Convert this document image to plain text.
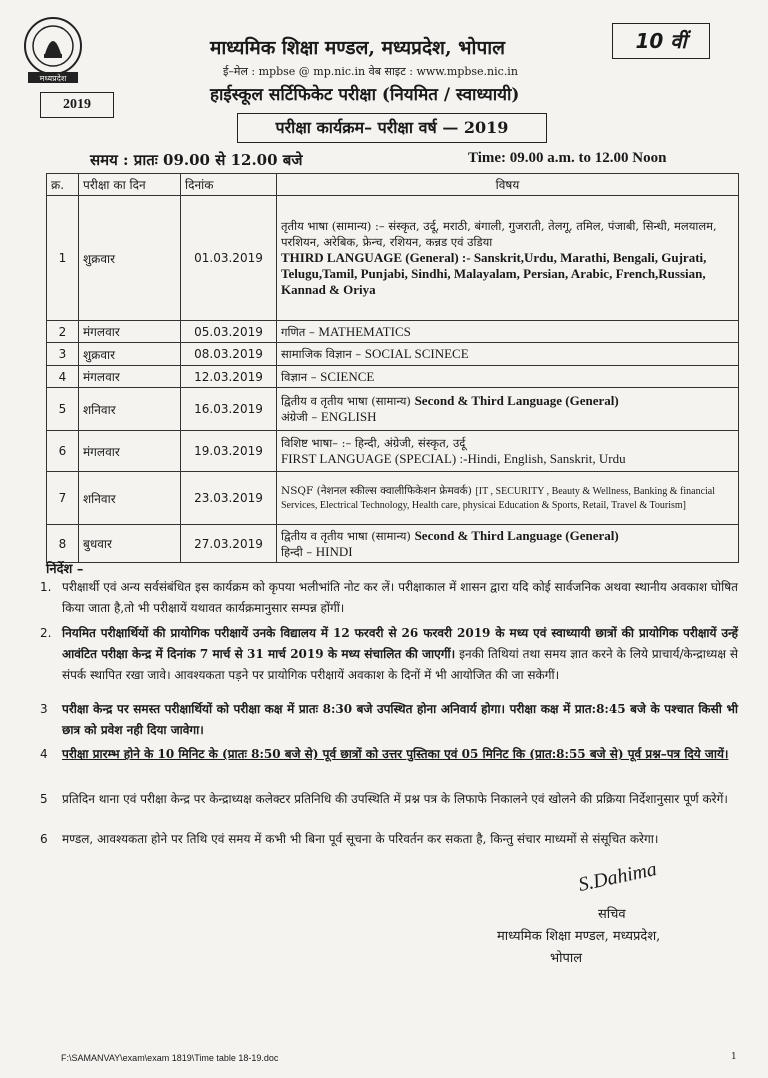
मध्यप्रदेश
2019
माध्यमिक शिक्षा मण्डल, मध्यप्रदेश, भोपाल
ई–मेल : mpbse @ mp.nic.in वेब साइट : www.mpbse.nic.in
हाईस्कूल सर्टिफिकेट परीक्षा (नियमित / स्वाध्यायी)
10 वीं
परीक्षा कार्यक्रम– परीक्षा वर्ष — 2019
समय : प्रातः 09.00 से 12.00 बजे	Time: 09.00 a.m. to 12.00 Noon
क्र.	परीक्षा का दिन	दिनांक	विषय
1	शुक्रवार	01.03.2019	तृतीय भाषा (सामान्य) :– संस्कृत, उर्दू, मराठी, बंगाली, गुजराती, तेलगू, तमिल, पंजाबी, सिन्धी, मलयालम, परशियन, अरेबिक, फ्रेन्च, रशियन, कन्नड एवं उडिया
THIRD LANGUAGE (General) :- Sanskrit,Urdu, Marathi, Bengali, Gujrati, Telugu,Tamil, Punjabi, Sindhi, Malayalam, Persian, Arabic, French,Russian, Kannad & Oriya

2	मंगलवार	05.03.2019	गणित – MATHEMATICS
3	शुक्रवार	08.03.2019	सामाजिक विज्ञान – SOCIAL SCINECE
4	मंगलवार	12.03.2019	विज्ञान – SCIENCE
5	शनिवार	16.03.2019	द्वितीय व तृतीय भाषा (सामान्य) Second & Third Language (General)
अंग्रेजी – ENGLISH

6	मंगलवार	19.03.2019	विशिष्ट भाषा– :– हिन्दी, अंग्रेजी, संस्कृत, उर्दू
FIRST LANGUAGE (SPECIAL) :-Hindi, English, Sanskrit, Urdu

7	शनिवार	23.03.2019	NSQF (नेशनल स्कील्स क्वालीफिकेशन फ्रेमवर्क) [IT , SECURITY , Beauty & Wellness, Banking & financial Services, Electrical Technology, Health care, physicai Education & Sports, Retail, Travel & Tourism]
8	बुधवार	27.03.2019	द्वितीय व तृतीय भाषा (सामान्य) Second & Third Language (General)
हिन्दी – HINDI
निर्देश –
1. परीक्षार्थी एवं अन्य सर्वसंबंधित इस कार्यक्रम को कृपया भलीभांति नोट कर लें। परीक्षाकाल में शासन द्वारा यदि कोई सार्वजनिक अथवा स्थानीय अवकाश घोषित किया जाता है,तो भी परीक्षायें यथावत कार्यक्रमानुसार सम्पन्न होंगीं।
2. नियमित परीक्षार्थियों की प्रायोगिक परीक्षायें उनके विद्यालय में 12 फरवरी से 26 फरवरी 2019 के मध्य एवं स्वाध्यायी छात्रों की प्रायोगिक परीक्षायें उन्हें आवंटित परीक्षा केन्द्र में दिनांक 7 मार्च से 31 मार्च 2019 के मध्य संचालित की जाएगीं। इनकी तिथियां तथा समय ज्ञात करने के लिये प्राचार्य/केन्द्राध्यक्ष से संपर्क स्थापित रखा जावे। आवश्यकता पड़ने पर प्रायोगिक परीक्षायें अवकाश के दिनों में भी आयोजित की जा सकेगीं।
3	परीक्षा केन्द्र पर समस्त परीक्षार्थियों को परीक्षा कक्ष में प्रातः 8:30 बजे उपस्थित होना अनिवार्य होगा। परीक्षा कक्ष में प्रात:8:45 बजे के पश्चात किसी भी छात्र को प्रवेश नही दिया जावेगा।
4	परीक्षा प्रारम्भ होने के 10 मिनिट के (प्रातः 8:50 बजे से) पूर्व छात्रों को उत्तर पुस्तिका एवं 05 मिनिट कि (प्रात:8:55 बजे से) पूर्व प्रश्न–पत्र दिये जायें।
5	प्रतिदिन थाना एवं परीक्षा केन्द्र पर केन्द्राध्यक्ष कलेक्टर प्रतिनिधि की उपस्थिति में प्रश्न पत्र के लिफाफे निकालने एवं खोलने की प्रक्रिया निर्देशानुसार पूर्ण करेगें।
6	मण्डल, आवश्यकता होने पर तिथि एवं समय में कभी भी बिना पूर्व सूचना के परिवर्तन कर सकता है, किन्तु संचार माध्यमों से संसूचित करेगा।
S.Dahima
सचिव
माध्यमिक शिक्षा मण्डल, मध्यप्रदेश,
भोपाल
F:\SAMANVAY\exam\exam 1819\Time table 18-19.doc	1
